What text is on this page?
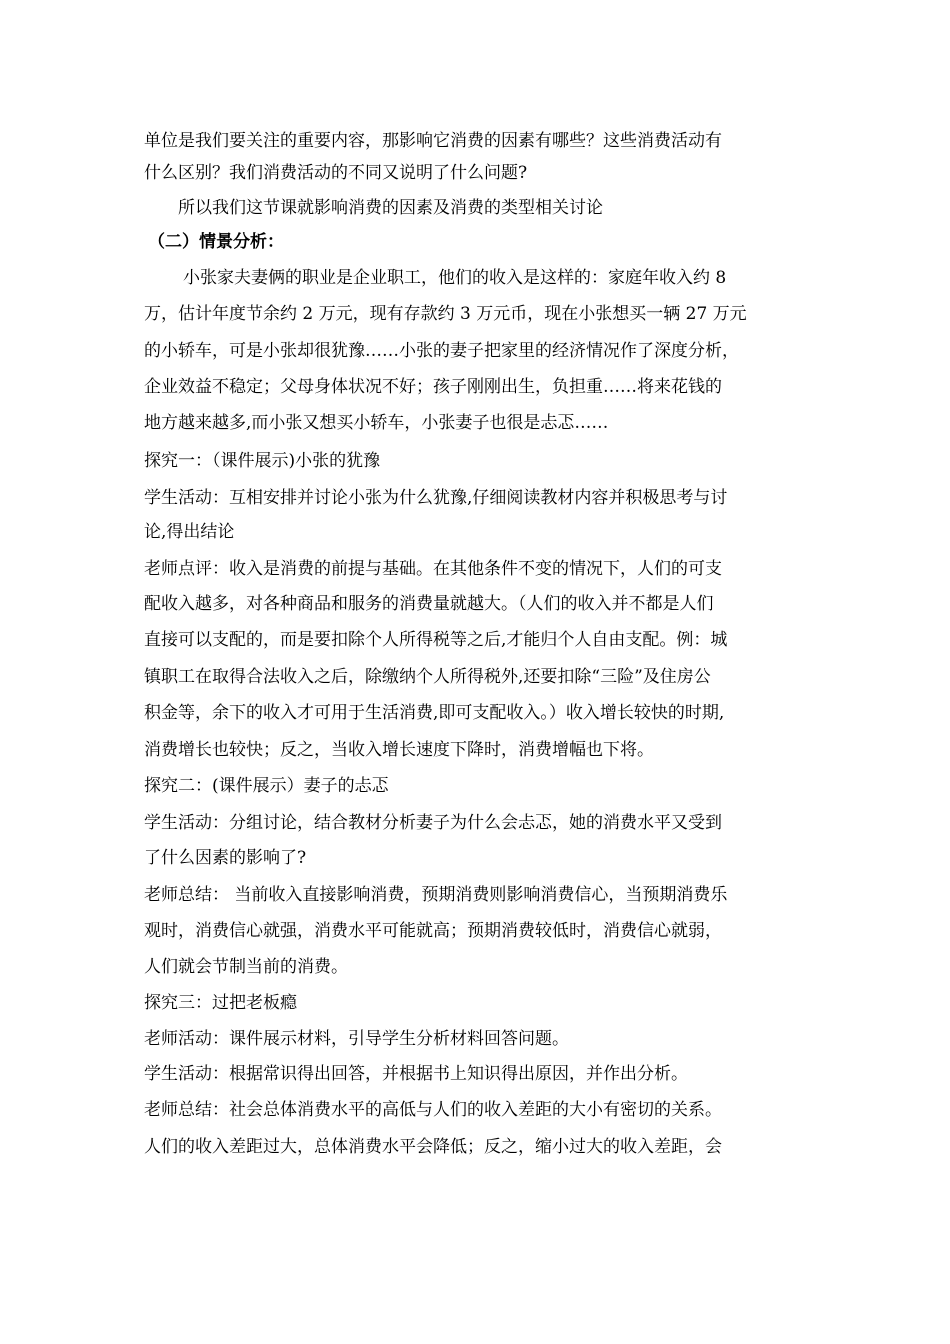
单位是我们要关注的重要内容，那影响它消费的因素有哪些？这些消费活动有
什么区别？我们消费活动的不同又说明了什么问题?
所以我们这节课就影响消费的因素及消费的类型相关讨论
（二）情景分析：
小张家夫妻俩的职业是企业职工，他们的收入是这样的：家庭年收入约 8
万，估计年度节余约 2 万元，现有存款约 3 万元币，现在小张想买一辆 27 万元
的小轿车，可是小张却很犹豫……小张的妻子把家里的经济情况作了深度分析，
企业效益不稳定；父母身体状况不好；孩子刚刚出生，负担重……将来花钱的
地方越来越多,而小张又想买小轿车，小张妻子也很是忐忑……
探究一：（课件展示)小张的犹豫
学生活动：互相安排并讨论小张为什么犹豫,仔细阅读教材内容并积极思考与讨
论,得出结论
老师点评：收入是消费的前提与基础。在其他条件不变的情况下，人们的可支
配收入越多，对各种商品和服务的消费量就越大。（人们的收入并不都是人们
直接可以支配的，而是要扣除个人所得税等之后,才能归个人自由支配。例：城
镇职工在取得合法收入之后，除缴纳个人所得税外,还要扣除“三险”及住房公
积金等，余下的收入才可用于生活消费,即可支配收入。）收入增长较快的时期,
消费增长也较快；反之，当收入增长速度下降时，消费增幅也下将。
探究二：(课件展示）妻子的忐忑
学生活动：分组讨论，结合教材分析妻子为什么会忐忑，她的消费水平又受到
了什么因素的影响了?
老师总结： 当前收入直接影响消费，预期消费则影响消费信心，当预期消费乐
观时，消费信心就强，消费水平可能就高；预期消费较低时，消费信心就弱，
人们就会节制当前的消费。
探究三：过把老板瘾
老师活动：课件展示材料，引导学生分析材料回答问题。
学生活动：根据常识得出回答，并根据书上知识得出原因，并作出分析。
老师总结：社会总体消费水平的高低与人们的收入差距的大小有密切的关系。
人们的收入差距过大，总体消费水平会降低；反之，缩小过大的收入差距，会
